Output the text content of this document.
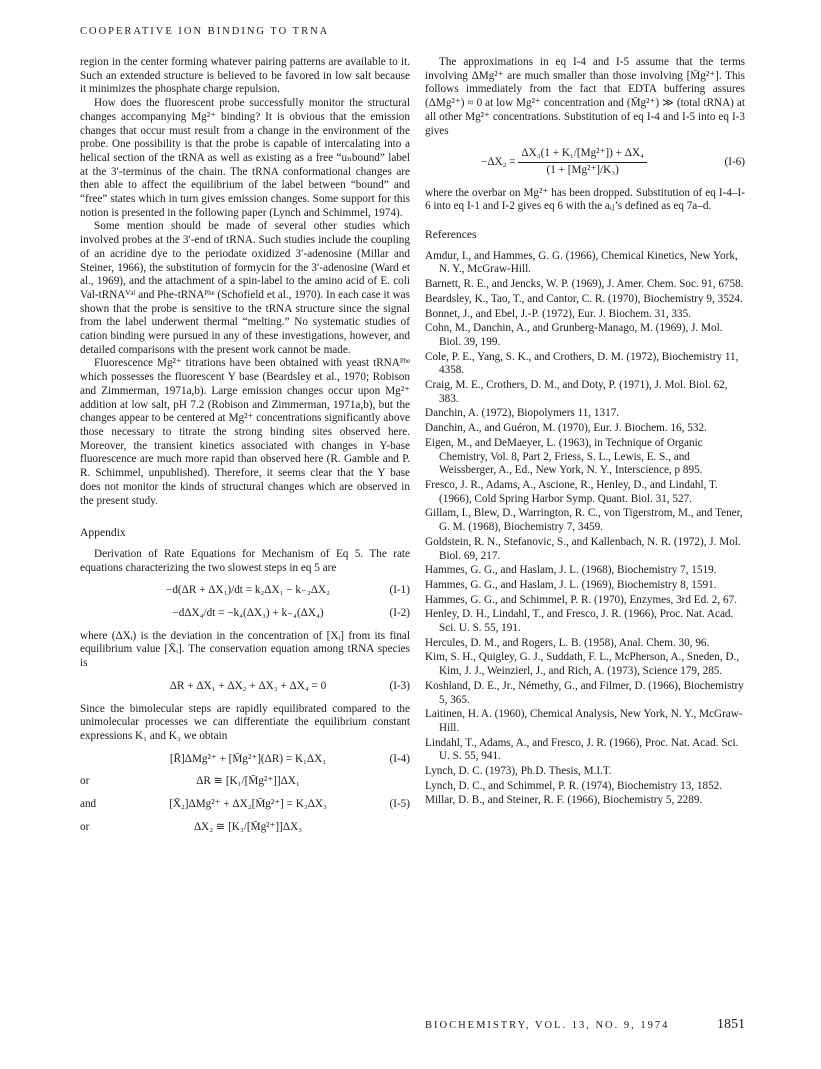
COOPERATIVE ION BINDING TO TRNA

region in the center forming whatever pairing patterns are available to it. Such an extended structure is believed to be favored in low salt because it minimizes the phosphate charge repulsion.

How does the fluorescent probe successfully monitor the structural changes accompanying Mg²⁺ binding? It is obvious that the emission changes that occur must result from a change in the environment of the probe. One possibility is that the probe is capable of intercalating into a helical section of the tRNA as well as existing as a free “uₙbound” label at the 3′-terminus of the chain. The tRNA conformational changes are then able to affect the equilibrium of the label between “bound” and “free” states which in turn gives emission changes. Some support for this notion is presented in the following paper (Lynch and Schimmel, 1974).

Some mention should be made of several other studies which involved probes at the 3′-end of tRNA. Such studies include the coupling of an acridine dye to the periodate oxidized 3′-adenosine (Millar and Steiner, 1966), the substitution of formycin for the 3′-adenosine (Ward et al., 1969), and the attachment of a spin-label to the amino acid of E. coli Val-tRNAⱽᵃˡ and Phe-tRNAᴾʰᵉ (Schofield et al., 1970). In each case it was shown that the probe is sensitive to the tRNA structure since the signal from the label underwent thermal “melting.” No systematic studies of cation binding were pursued in any of these investigations, however, and detailed comparisons with the present work cannot be made.

Fluorescence Mg²⁺ titrations have been obtained with yeast tRNAᴾʰᵉ which possesses the fluorescent Y base (Beardsley et al., 1970; Robison and Zimmerman, 1971a,b). Large emission changes occur upon Mg²⁺ addition at low salt, pH 7.2 (Robison and Zimmerman, 1971a,b), but the changes appear to be centered at Mg²⁺ concentrations significantly above those necessary to titrate the strong binding sites observed here. Moreover, the transient kinetics associated with changes in Y-base fluorescence are much more rapid than observed here (R. Gamble and P. R. Schimmel, unpublished). Therefore, it seems clear that the Y base does not monitor the kinds of structural changes which are observed in the present study.

Appendix

Derivation of Rate Equations for Mechanism of Eq 5. The rate equations characterizing the two slowest steps in eq 5 are

−d(ΔR + ΔX₁)/dt = k₂ΔX₁ − k₋₂ΔX₂	(I-1)
−dΔX₄/dt = −k₄(ΔX₃) + k₋₄(ΔX₄)	(I-2)

where (ΔXᵢ) is the deviation in the concentration of [Xᵢ] from its final equilibrium value [X̄ᵢ]. The conservation equation among tRNA species is

ΔR + ΔX₁ + ΔX₂ + ΔX₃ + ΔX₄ = 0	(I-3)

Since the bimolecular steps are rapidly equilibrated compared to the unimolecular processes we can differentiate the equilibrium constant expressions K₁ and K₃ we obtain

[R̄]ΔMg²⁺ + [M̄g²⁺](ΔR) = K₁ΔX₁	(I-4)
or	ΔR ≅ [K₁/[M̄g²⁺]]ΔX₁
and	[X̄₂]ΔMg²⁺ + ΔX₂[M̄g²⁺] = K₃ΔX₃	(I-5)
or	ΔX₂ ≅ [K₃/[M̄g²⁺]]ΔX₃

The approximations in eq I-4 and I-5 assume that the terms involving ΔMg²⁺ are much smaller than those involving [M̄g²⁺]. This follows immediately from the fact that EDTA buffering assures (ΔMg²⁺) ≈ 0 at low Mg²⁺ concentration and (M̄g²⁺) ≫ (total tRNA) at all other Mg²⁺ concentrations. Substitution of eq I-4 and I-5 into eq I-3 gives

$-\Delta X_2 = \frac{\text{ΔX₃(1 + K₁/[Mg²⁺]) + ΔX₄}}{\text{(1 + [Mg²⁺]/K₃)}}$	(I-6)

where the overbar on Mg²⁺ has been dropped. Substitution of eq I-4–I-6 into eq I-1 and I-2 gives eq 6 with the aᵢⱼ’s defined as eq 7a–d.

References

Amdur, I., and Hammes, G. G. (1966), Chemical Kinetics, New York, N. Y., McGraw-Hill.

Barnett, R. E., and Jencks, W. P. (1969), J. Amer. Chem. Soc. 91, 6758.

Beardsley, K., Tao, T., and Cantor, C. R. (1970), Biochemistry 9, 3524.

Bonnet, J., and Ebel, J.-P. (1972), Eur. J. Biochem. 31, 335.

Cohn, M., Danchin, A., and Grunberg-Manago, M. (1969), J. Mol. Biol. 39, 199.

Cole, P. E., Yang, S. K., and Crothers, D. M. (1972), Biochemistry 11, 4358.

Craig, M. E., Crothers, D. M., and Doty, P. (1971), J. Mol. Biol. 62, 383.

Danchin, A. (1972), Biopolymers 11, 1317.

Danchin, A., and Guéron, M. (1970), Eur. J. Biochem. 16, 532.

Eigen, M., and DeMaeyer, L. (1963), in Technique of Organic Chemistry, Vol. 8, Part 2, Friess, S. L., Lewis, E. S., and Weissberger, A., Ed., New York, N. Y., Interscience, p 895.

Fresco, J. R., Adams, A., Ascione, R., Henley, D., and Lindahl, T. (1966), Cold Spring Harbor Symp. Quant. Biol. 31, 527.

Gillam, I., Blew, D., Warrington, R. C., von Tigerstrom, M., and Tener, G. M. (1968), Biochemistry 7, 3459.

Goldstein, R. N., Stefanovic, S., and Kallenbach, N. R. (1972), J. Mol. Biol. 69, 217.

Hammes, G. G., and Haslam, J. L. (1968), Biochemistry 7, 1519.

Hammes, G. G., and Haslam, J. L. (1969), Biochemistry 8, 1591.

Hammes, G. G., and Schimmel, P. R. (1970), Enzymes, 3rd Ed. 2, 67.

Henley, D. H., Lindahl, T., and Fresco, J. R. (1966), Proc. Nat. Acad. Sci. U. S. 55, 191.

Hercules, D. M., and Rogers, L. B. (1958), Anal. Chem. 30, 96.

Kim, S. H., Quigley, G. J., Suddath, F. L., McPherson, A., Sneden, D., Kim, J. J., Weinzierl, J., and Rich, A. (1973), Science 179, 285.

Koshland, D. E., Jr., Némethy, G., and Filmer, D. (1966), Biochemistry 5, 365.

Laitinen, H. A. (1960), Chemical Analysis, New York, N. Y., McGraw-Hill.

Lindahl, T., Adams, A., and Fresco, J. R. (1966), Proc. Nat. Acad. Sci. U. S. 55, 941.

Lynch, D. C. (1973), Ph.D. Thesis, M.I.T.

Lynch, D. C., and Schimmel, P. R. (1974), Biochemistry 13, 1852.

Millar, D. B., and Steiner, R. F. (1966), Biochemistry 5, 2289.

BIOCHEMISTRY, VOL. 13, NO. 9, 1974	1851
